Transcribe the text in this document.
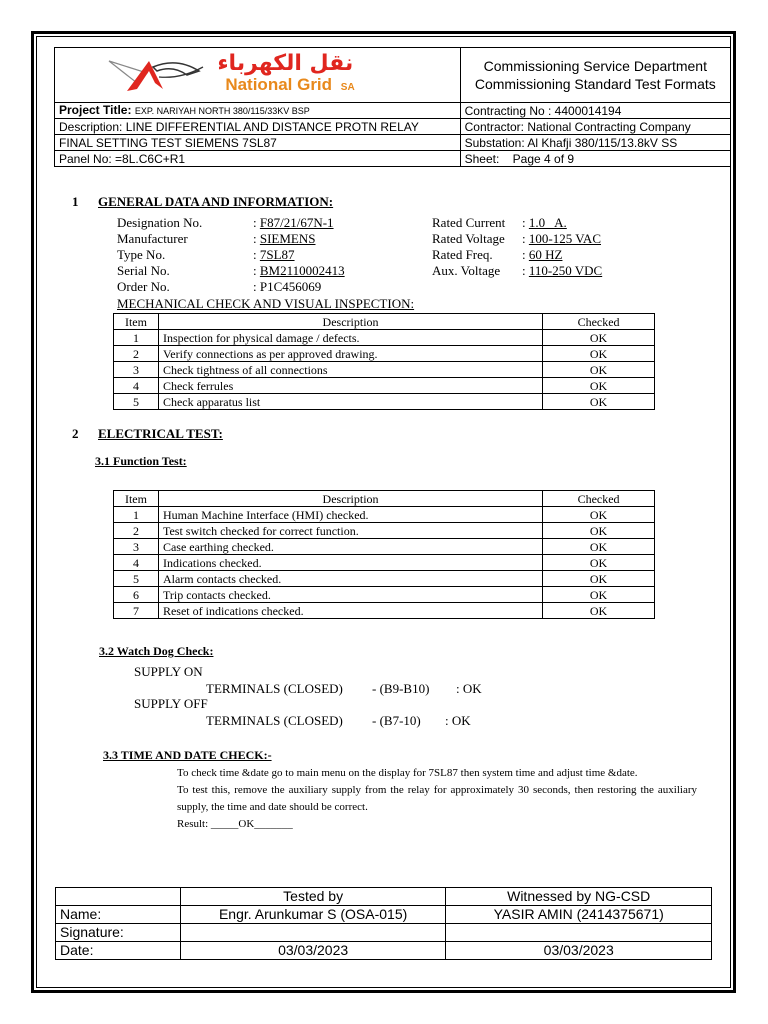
نقل الكهرباء
National Grid SA	Commissioning Service Department Commissioning Standard Test Formats
Project Title: EXP. NARIYAH NORTH 380/115/33KV BSP	Contracting No : 4400014194
Description: LINE DIFFERENTIAL AND DISTANCE PROTN RELAY	Contractor: National Contracting Company
FINAL SETTING TEST SIEMENS 7SL87	Substation: Al Khafji 380/115/13.8kV SS
Panel No: =8L.C6C+R1	Sheet: Page 4 of 9
1 GENERAL DATA AND INFORMATION:
Designation No.	: F87/21/67N-1
Manufacturer	: SIEMENS
Type No.	: 7SL87
Serial No.	: BM2110002413
Order No.	: P1C456069
Rated Current	: 1.0   A.
Rated Voltage	: 100-125 VAC
Rated Freq.	: 60 HZ
Aux. Voltage	: 110-250 VDC
MECHANICAL CHECK AND VISUAL INSPECTION:
Item	Description	Checked
1	Inspection for physical damage / defects.	OK
2	Verify connections as per approved drawing.	OK
3	Check tightness of all connections	OK
4	Check ferrules	OK
5	Check apparatus list	OK
2 ELECTRICAL TEST:
3.1 Function Test:
Item	Description	Checked
1	Human Machine Interface (HMI) checked.	OK
2	Test switch checked for correct function.	OK
3	Case earthing checked.	OK
4	Indications checked.	OK
5	Alarm contacts checked.	OK
6	Trip contacts checked.	OK
7	Reset of indications checked.	OK
3.2 Watch Dog Check:
SUPPLY ON
TERMINALS (CLOSED) - (B9-B10) : OK
SUPPLY OFF
TERMINALS (CLOSED) - (B7-10) : OK
3.3 TIME AND DATE CHECK:-
To check time &date go to main menu on the display for 7SL87 then system time and adjust time &date.
To test this, remove the auxiliary supply from the relay for approximately 30 seconds, then restoring the auxiliary supply, the time and date should be correct.
Result: _____OK_______
	Tested by	Witnessed by NG-CSD
Name:	Engr. Arunkumar S (OSA-015)	YASIR AMIN (2414375671)
Signature:		
Date:	03/03/2023	03/03/2023
